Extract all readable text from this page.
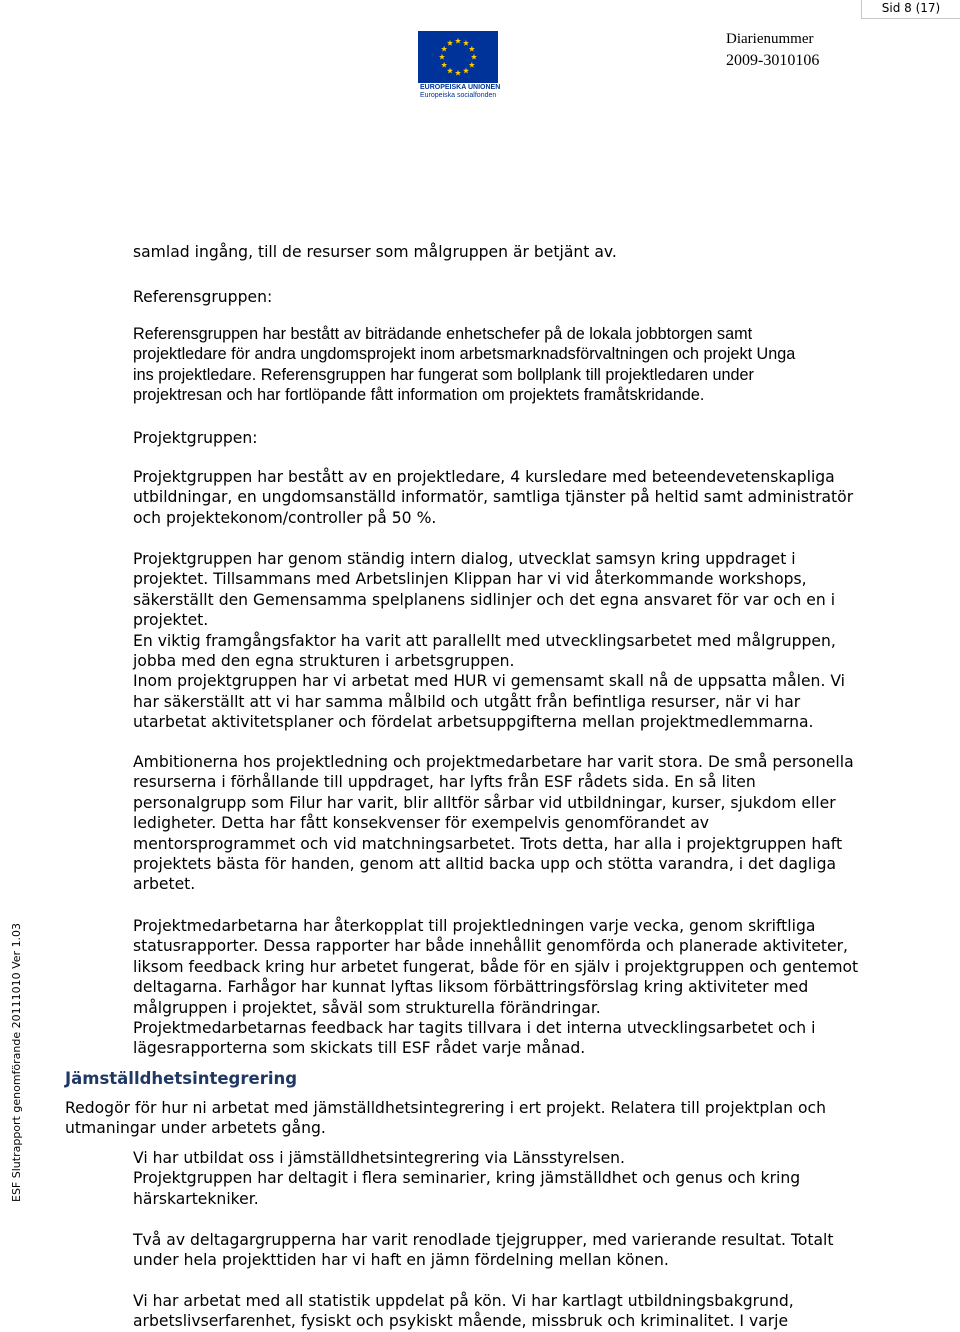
Sid 8 (17)
EUROPEISKA UNIONEN
Europeiska socialfonden
Diarienummer
2009-3010106
ESF Slutrapport genomförande 20111010 Ver 1.03

samlad ingång, till de resurser som målgruppen är betjänt av.

Referensgruppen:

Referensgruppen har bestått av biträdande enhetschefer på de lokala jobbtorgen samt
projektledare för andra ungdomsprojekt inom arbetsmarknadsförvaltningen och projekt Unga
ins projektledare. Referensgruppen har fungerat som bollplank till projektledaren under
projektresan och har fortlöpande fått information om projektets framåtskridande.

Projektgruppen:

Projektgruppen har bestått av en projektledare, 4 kursledare med beteendevetenskapliga
utbildningar, en ungdomsanställd informatör, samtliga tjänster på heltid samt administratör
och projektekonom/controller på 50 %.

Projektgruppen har genom ständig intern dialog, utvecklat samsyn kring uppdraget i
projektet. Tillsammans med Arbetslinjen Klippan har vi vid återkommande workshops,
säkerställt den Gemensamma spelplanens sidlinjer och det egna ansvaret för var och en i
projektet.
En viktig framgångsfaktor ha varit att parallellt med utvecklingsarbetet med målgruppen,
jobba med den egna strukturen i arbetsgruppen.
Inom projektgruppen har vi arbetat med HUR vi gemensamt skall nå de uppsatta målen. Vi
har säkerställt att vi har samma målbild och utgått från befintliga resurser, när vi har
utarbetat aktivitetsplaner och fördelat arbetsuppgifterna mellan projektmedlemmarna.

Ambitionerna hos projektledning och projektmedarbetare har varit stora. De små personella
resurserna i förhållande till uppdraget, har lyfts från ESF rådets sida. En så liten
personalgrupp som Filur har varit, blir alltför sårbar vid utbildningar, kurser, sjukdom eller
ledigheter. Detta har fått konsekvenser för exempelvis genomförandet av
mentorsprogrammet och vid matchningsarbetet. Trots detta, har alla i projektgruppen haft
projektets bästa för handen, genom att alltid backa upp och stötta varandra, i det dagliga
arbetet.

Projektmedarbetarna har återkopplat till projektledningen varje vecka, genom skriftliga
statusrapporter. Dessa rapporter har både innehållit genomförda och planerade aktiviteter,
liksom feedback kring hur arbetet fungerat, både för en själv i projektgruppen och gentemot
deltagarna. Farhågor har kunnat lyftas liksom förbättringsförslag kring aktiviteter med
målgruppen i projektet, såväl som strukturella förändringar.
Projektmedarbetarnas feedback har tagits tillvara i det interna utvecklingsarbetet och i
lägesrapporterna som skickats till ESF rådet varje månad.

Jämställdhetsintegrering

Redogör för hur ni arbetat med jämställdhetsintegrering i ert projekt. Relatera till projektplan och
utmaningar under arbetets gång.

Vi har utbildat oss i jämställdhetsintegrering via Länsstyrelsen.
Projektgruppen har deltagit i flera seminarier, kring jämställdhet och genus och kring
härskartekniker.

Två av deltagargrupperna har varit renodlade tjejgrupper, med varierande resultat. Totalt
under hela projekttiden har vi haft en jämn fördelning mellan könen.

Vi har arbetat med all statistik uppdelat på kön. Vi har kartlagt utbildningsbakgrund,
arbetslivserfarenhet, fysiskt och psykiskt mående, missbruk och kriminalitet. I varje
